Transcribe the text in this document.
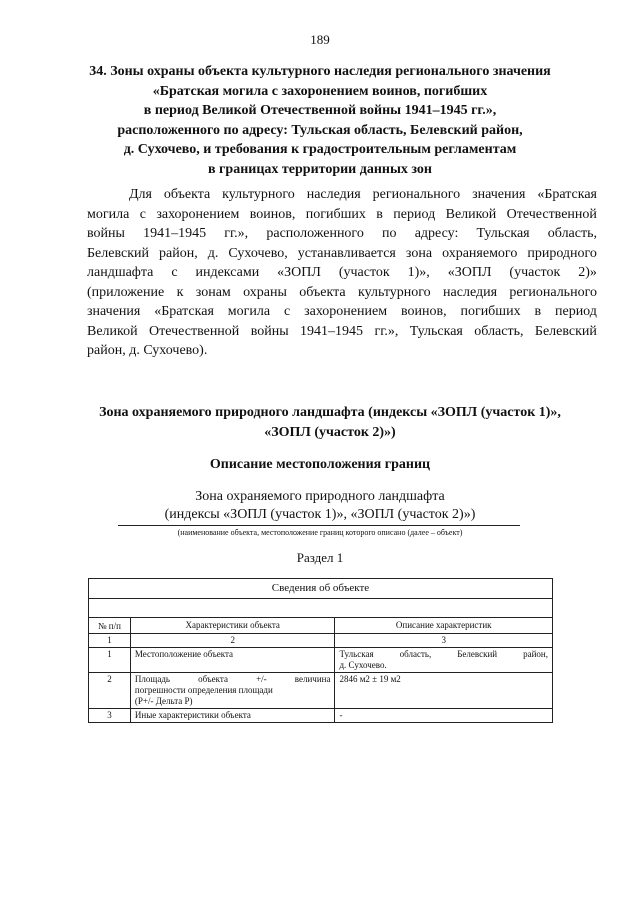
189
34. Зоны охраны объекта культурного наследия регионального значения
«Братская могила с захоронением воинов, погибших
в период Великой Отечественной войны 1941–1945 гг.»,
расположенного по адресу: Тульская область, Белевский район,
д. Сухочево, и требования к градостроительным регламентам
в границах территории данных зон
Для объекта культурного наследия регионального значения «Братская
могила с захоронением воинов, погибших в период Великой Отечественной
войны 1941–1945 гг.», расположенного по адресу: Тульская область,
Белевский район, д. Сухочево, устанавливается зона охраняемого природного
ландшафта с индексами «ЗОПЛ (участок 1)», «ЗОПЛ (участок 2)»
(приложение к зонам охраны объекта культурного наследия регионального
значения «Братская могила с захоронением воинов, погибших в период
Великой Отечественной войны 1941–1945 гг.», Тульская область, Белевский
район, д. Сухочево).
Зона охраняемого природного ландшафта (индексы «ЗОПЛ (участок 1)»,
«ЗОПЛ (участок 2)»)
Описание местоположения границ
Зона охраняемого природного ландшафта
(индексы «ЗОПЛ (участок 1)», «ЗОПЛ (участок 2)»)
(наименование объекта, местоположение границ которого описано (далее – объект)
Раздел 1
Сведения об объекте		

№ п/п	Характеристики объекта	Описание характеристик
1	2	3
1	Местоположение объекта	Тульская область, Белевский район,
д. Сухочево.

2	Площадь объекта +/- величина
погрешности определения площади
(Р+/- Дельта Р)	2846 м2 ± 19 м2
3	Иные характеристики объекта	-
